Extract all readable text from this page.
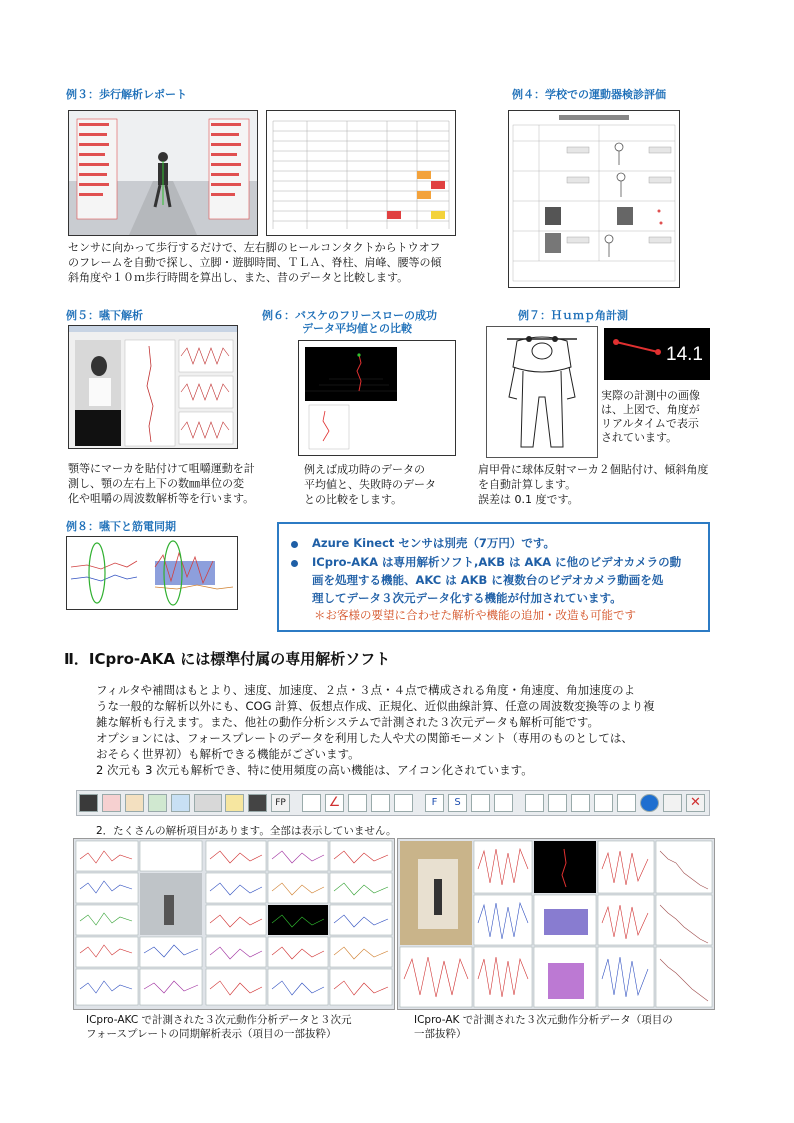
例３：歩行解析レポート
センサに向かって歩行するだけで、左右脚のヒールコンタクトからトウオフ
のフレームを自動で探し、立脚・遊脚時間、ＴＬＡ、脊柱、肩峰、腰等の傾
斜角度や１０ｍ歩行時間を算出し、また、昔のデータと比較します。
例４：学校での運動器検診評価
例５：嚥下解析
顎等にマーカを貼付けて咀嚼運動を計
測し、顎の左右上下の数㎜単位の変
化や咀嚼の周波数解析等を行います。
例６：バスケのフリースローの成功
データ平均値との比較
例えば成功時のデータの
平均値と、失敗時のデータ
との比較をします。
例７：Ｈｕｍｐ角計測
14.1
実際の計測中の画像
は、上図で、角度が
リアルタイムで表示
されています。
肩甲骨に球体反射マーカ２個貼付け、傾斜角度
を自動計算します。
誤差は 0.1 度です。
例８：嚥下と筋電同期
Azure Kinect センサは別売（7万円）です。
ICpro-AKA は専用解析ソフト,AKB は AKA に他のビデオカメラの動
画を処理する機能、AKC は AKB に複数台のビデオカメラ動画を処
理してデータ３次元データ化する機能が付加されています。
＊お客様の要望に合わせた解析や機能の追加・改造も可能です
Ⅱ．ICpro-AKA には標準付属の専用解析ソフト
フィルタや補間はもとより、速度、加速度、２点・３点・４点で構成される角度・角速度、角加速度のよ
うな一般的な解析以外にも、COG 計算、仮想点作成、正規化、近似曲線計算、任意の周波数変換等のより複
雑な解析も行えます。また、他社の動作分析システムで計測された３次元データも解析可能です。
オプションには、フォースプレートのデータを利用した人や犬の関節モーメント（専用のものとしては、
おそらく世界初）も解析できる機能がございます。
2 次元も 3 次元も解析でき、特に使用頻度の高い機能は、アイコン化されています。
FP	∠	F	S	✕
2．たくさんの解析項目があります。全部は表示していません。
ICpro-AKC で計測された３次元動作分析データと３次元
フォースプレートの同期解析表示（項目の一部抜粋）
ICpro-AK で計測された３次元動作分析データ（項目の
一部抜粋）
